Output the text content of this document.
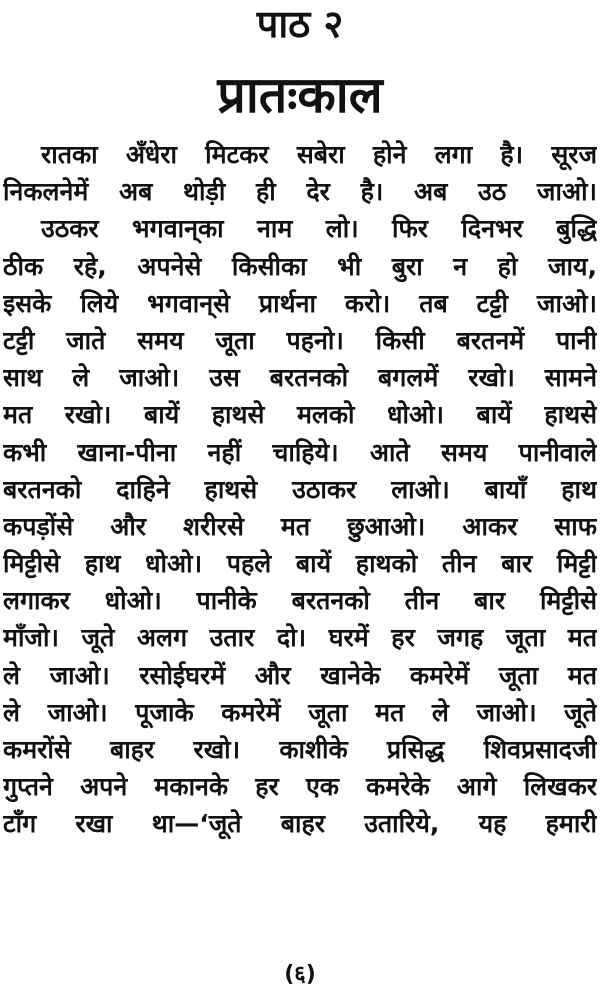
पाठ २
प्रातःकाल
रातका अँधेरा मिटकर सबेरा होने लगा है। सूरज
निकलनेमें अब थोड़ी ही देर है। अब उठ जाओ।
उठकर भगवान्‌का नाम लो। फिर दिनभर बुद्धि
ठीक रहे, अपनेसे किसीका भी बुरा न हो जाय,
इसके लिये भगवान्‌से प्रार्थना करो। तब टट्टी जाओ।
टट्टी जाते समय जूता पहनो। किसी बरतनमें पानी
साथ ले जाओ। उस बरतनको बगलमें रखो। सामने
मत रखो। बायें हाथसे मलको धोओ। बायें हाथसे
कभी खाना-पीना नहीं चाहिये। आते समय पानीवाले
बरतनको दाहिने हाथसे उठाकर लाओ। बायाँ हाथ
कपड़ोंसे और शरीरसे मत छुआओ। आकर साफ
मिट्टीसे हाथ धोओ। पहले बायें हाथको तीन बार मिट्टी
लगाकर धोओ। पानीके बरतनको तीन बार मिट्टीसे
माँजो। जूते अलग उतार दो। घरमें हर जगह जूता मत
ले जाओ। रसोईघरमें और खानेके कमरेमें जूता मत
ले जाओ। पूजाके कमरेमें जूता मत ले जाओ। जूते
कमरोंसे बाहर रखो। काशीके प्रसिद्ध शिवप्रसादजी
गुप्तने अपने मकानके हर एक कमरेके आगे लिखकर
टाँग रखा था—‘जूते बाहर उतारिये, यह हमारी
(६)
